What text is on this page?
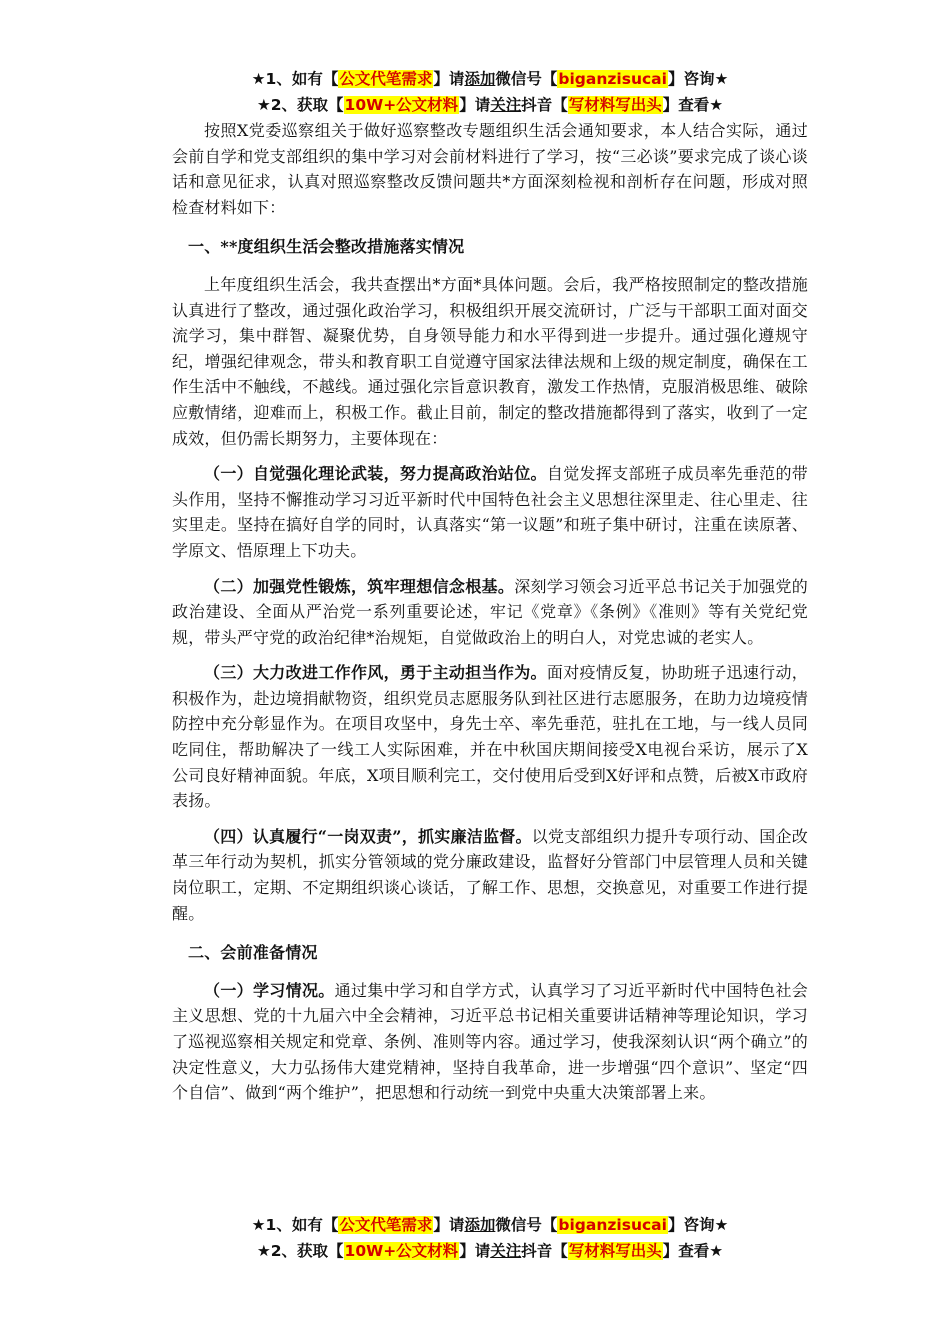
★1、如有【公文代笔需求】请添加微信号【biganzisucai】咨询★
★2、获取【10W+公文材料】请关注抖音【写材料写出头】查看★

按照X党委巡察组关于做好巡察整改专题组织生活会通知要求，本人结合实际，通过会前自学和党支部组织的集中学习对会前材料进行了学习，按“三必谈”要求完成了谈心谈话和意见征求，认真对照巡察整改反馈问题共*方面深刻检视和剖析存在问题，形成对照检查材料如下：

一、**度组织生活会整改措施落实情况

上年度组织生活会，我共查摆出*方面*具体问题。会后，我严格按照制定的整改措施认真进行了整改，通过强化政治学习，积极组织开展交流研讨，广泛与干部职工面对面交流学习，集中群智、凝聚优势，自身领导能力和水平得到进一步提升。通过强化遵规守纪，增强纪律观念，带头和教育职工自觉遵守国家法律法规和上级的规定制度，确保在工作生活中不触线，不越线。通过强化宗旨意识教育，激发工作热情，克服消极思维、破除应敷情绪，迎难而上，积极工作。截止目前，制定的整改措施都得到了落实，收到了一定成效，但仍需长期努力，主要体现在：

（一）自觉强化理论武装，努力提高政治站位。自觉发挥支部班子成员率先垂范的带头作用，坚持不懈推动学习习近平新时代中国特色社会主义思想往深里走、往心里走、往实里走。坚持在搞好自学的同时，认真落实“第一议题”和班子集中研讨，注重在读原著、学原文、悟原理上下功夫。

（二）加强党性锻炼，筑牢理想信念根基。深刻学习领会习近平总书记关于加强党的政治建设、全面从严治党一系列重要论述，牢记《党章》《条例》《准则》等有关党纪党规，带头严守党的政治纪律*治规矩，自觉做政治上的明白人，对党忠诚的老实人。

（三）大力改进工作作风，勇于主动担当作为。面对疫情反复，协助班子迅速行动，积极作为，赴边境捐献物资，组织党员志愿服务队到社区进行志愿服务，在助力边境疫情防控中充分彰显作为。在项目攻坚中，身先士卒、率先垂范，驻扎在工地，与一线人员同吃同住，帮助解决了一线工人实际困难，并在中秋国庆期间接受X电视台采访，展示了X公司良好精神面貌。年底，X项目顺利完工，交付使用后受到X好评和点赞，后被X市政府表扬。

（四）认真履行“一岗双责”，抓实廉洁监督。以党支部组织力提升专项行动、国企改革三年行动为契机，抓实分管领域的党分廉政建设，监督好分管部门中层管理人员和关键岗位职工，定期、不定期组织谈心谈话，了解工作、思想，交换意见，对重要工作进行提醒。

二、会前准备情况

（一）学习情况。通过集中学习和自学方式，认真学习了习近平新时代中国特色社会主义思想、党的十九届六中全会精神，习近平总书记相关重要讲话精神等理论知识，学习了巡视巡察相关规定和党章、条例、准则等内容。通过学习，使我深刻认识“两个确立”的决定性意义，大力弘扬伟大建党精神，坚持自我革命，进一步增强“四个意识”、坚定“四个自信”、做到“两个维护”，把思想和行动统一到党中央重大决策部署上来。

★1、如有【公文代笔需求】请添加微信号【biganzisucai】咨询★
★2、获取【10W+公文材料】请关注抖音【写材料写出头】查看★
